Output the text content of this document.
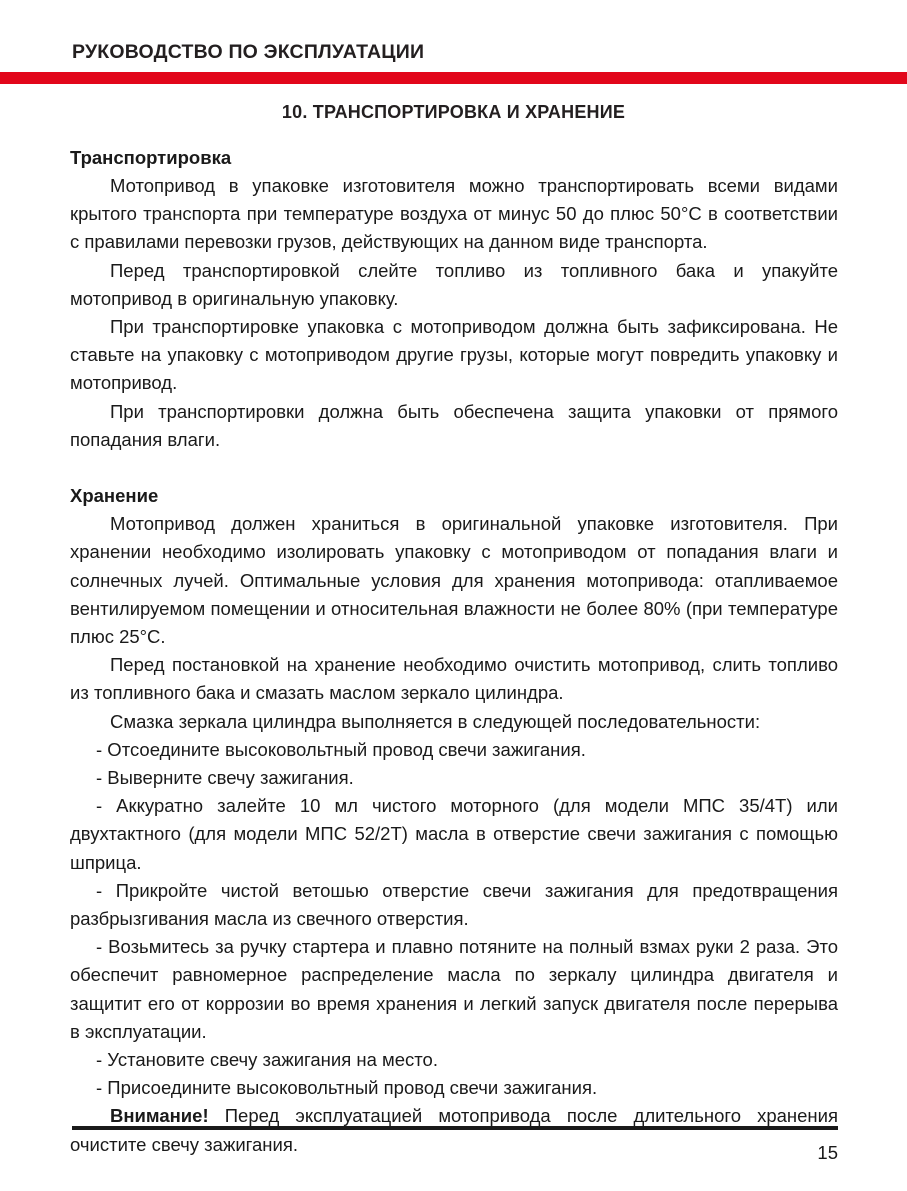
РУКОВОДСТВО ПО ЭКСПЛУАТАЦИИ
10. ТРАНСПОРТИРОВКА И ХРАНЕНИЕ
Транспортировка

Мотопривод в упаковке изготовителя можно транспортировать всеми видами крытого транспорта при температуре воздуха от минус 50 до плюс 50°С в соответствии с правилами перевозки грузов, действующих на данном виде транспорта.

Перед транспортировкой слейте топливо из топливного бака и упакуйте мотопривод в оригинальную упаковку.

При транспортировке упаковка с мотоприводом должна быть зафиксирована. Не ставьте на упаковку с мотоприводом другие грузы, которые могут повредить упаковку и мотопривод.

При транспортировки должна быть обеспечена защита упаковки от прямого попадания влаги.

Хранение

Мотопривод должен храниться в оригинальной упаковке изготовителя. При хранении необходимо изолировать упаковку с мотоприводом от попадания влаги и солнечных лучей. Оптимальные условия для хранения мотопривода: отапливаемое вентилируемом помещении и относительная влажности не более 80% (при температуре плюс 25°С.

Перед постановкой на хранение необходимо очистить мотопривод, слить топливо из топливного бака и смазать маслом зеркало цилиндра.

Смазка зеркала цилиндра выполняется в следующей последовательности:

- Отсоедините высоковольтный провод свечи зажигания.

- Выверните свечу зажигания.

- Аккуратно залейте 10 мл чистого моторного (для модели МПС 35/4Т) или двухтактного (для модели МПС 52/2Т) масла в отверстие свечи зажигания с помощью шприца.

- Прикройте чистой ветошью отверстие свечи зажигания для предотвращения разбрызгивания масла из свечного отверстия.

- Возьмитесь за ручку стартера и плавно потяните на полный взмах руки 2 раза. Это обеспечит равномерное распределение масла по зеркалу цилиндра двигателя и защитит его от коррозии во время хранения и легкий запуск двигателя после перерыва в эксплуатации.

- Установите свечу зажигания на место.

- Присоедините высоковольтный провод свечи зажигания.

Внимание! Перед эксплуатацией мотопривода после длительного хранения очистите свечу зажигания.	15
